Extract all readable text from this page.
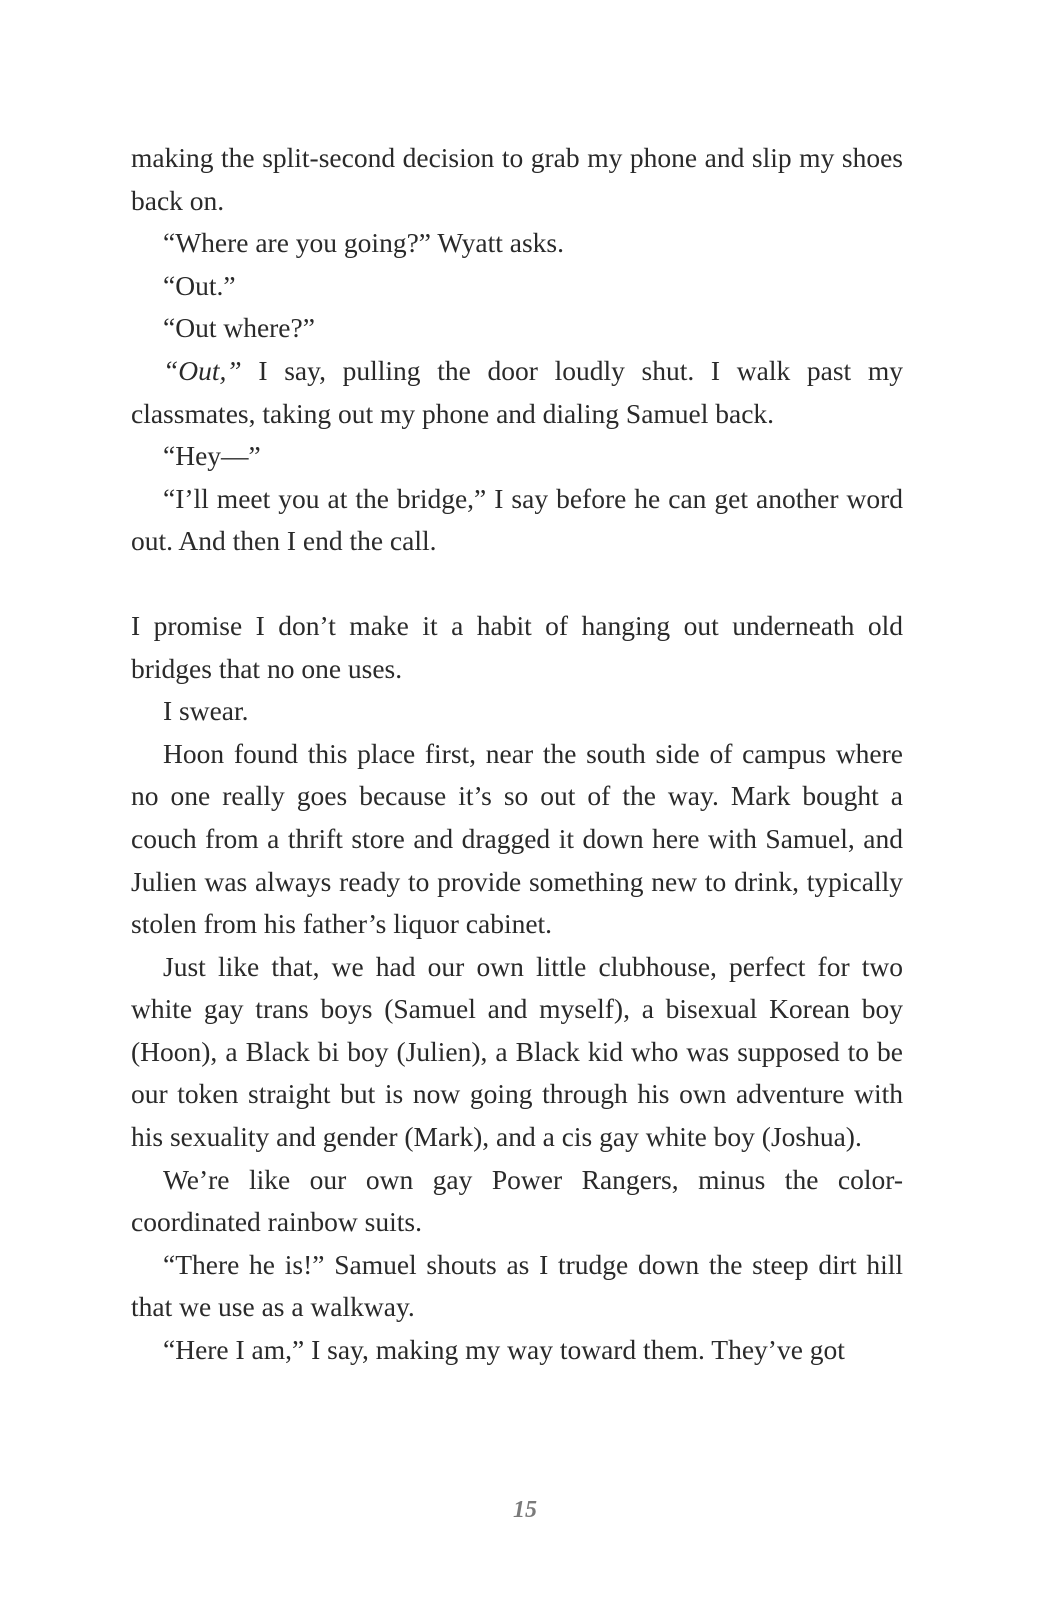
making the split-second decision to grab my phone and slip my shoes back on.

“Where are you going?” Wyatt asks.

“Out.”

“Out where?”

“Out,” I say, pulling the door loudly shut. I walk past my classmates, taking out my phone and dialing Samuel back.

“Hey—”

“I’ll meet you at the bridge,” I say before he can get another word out. And then I end the call.

I promise I don’t make it a habit of hanging out underneath old bridges that no one uses.

I swear.

Hoon found this place first, near the south side of campus where no one really goes because it’s so out of the way. Mark bought a couch from a thrift store and dragged it down here with Samuel, and Julien was always ready to provide something new to drink, typically stolen from his father’s liquor cabinet.

Just like that, we had our own little clubhouse, perfect for two white gay trans boys (Samuel and myself), a bisexual Korean boy (Hoon), a Black bi boy (Julien), a Black kid who was supposed to be our token straight but is now going through his own adventure with his sexuality and gender (Mark), and a cis gay white boy (Joshua).

We’re like our own gay Power Rangers, minus the color-coordinated rainbow suits.

“There he is!” Samuel shouts as I trudge down the steep dirt hill that we use as a walkway.

“Here I am,” I say, making my way toward them. They’ve got

15
